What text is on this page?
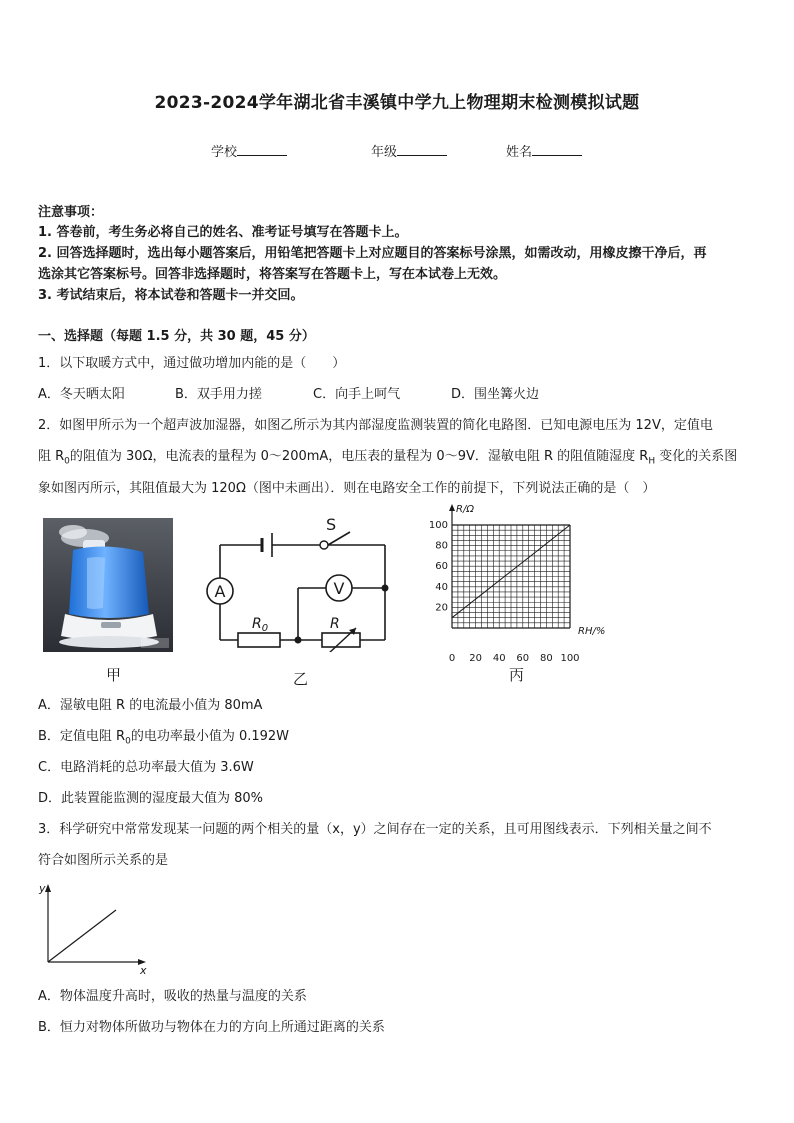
2023-2024学年湖北省丰溪镇中学九上物理期末检测模拟试题
学校	年级	姓名
注意事项：
1. 答卷前，考生务必将自己的姓名、准考证号填写在答题卡上。
2. 回答选择题时，选出每小题答案后，用铅笔把答题卡上对应题目的答案标号涂黑，如需改动，用橡皮擦干净后，再
选涂其它答案标号。回答非选择题时，将答案写在答题卡上，写在本试卷上无效。
3. 考试结束后，将本试卷和答题卡一并交回。
一、选择题（每题 1.5 分，共 30 题，45 分）
1．以下取暖方式中，通过做功增加内能的是（　　）
A．冬天晒太阳	B．双手用力搓	C．向手上呵气	D．围坐篝火边
2．如图甲所示为一个超声波加湿器，如图乙所示为其内部湿度监测装置的简化电路图．已知电源电压为 12V，定值电
阻 $R_0$的阻值为 30Ω，电流表的量程为 0～200mA，电压表的量程为 0～9V．湿敏电阻 R 的阻值随湿度 $R_H$ 变化的关系图
象如图丙所示，其阻值最大为 120Ω（图中未画出）．则在电路安全工作的前提下，下列说法正确的是（　）
甲
A	V
S
$R_0$	R
乙
0 20 40 60 80 100
20
40
60
80
100
R/Ω
RH/%
丙
A．湿敏电阻 R 的电流最小值为 80mA
B．定值电阻 $R_0$的电功率最小值为 0.192W
C．电路消耗的总功率最大值为 3.6W
D．此装置能监测的湿度最大值为 80%
3．科学研究中常常发现某一问题的两个相关的量（x，y）之间存在一定的关系，且可用图线表示．下列相关量之间不
符合如图所示关系的是
y
x
A．物体温度升高时，吸收的热量与温度的关系
B．恒力对物体所做功与物体在力的方向上所通过距离的关系
